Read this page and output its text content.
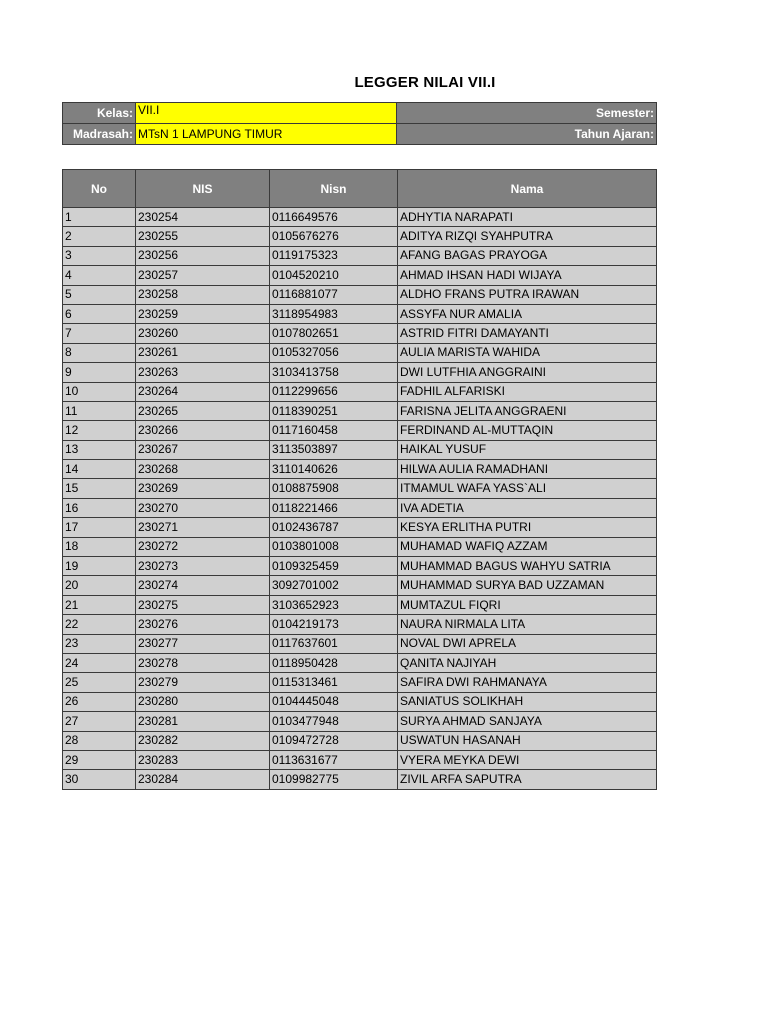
LEGGER NILAI VII.I
Kelas:	VII.I	Semester:
Madrasah:	MTsN 1 LAMPUNG TIMUR	Tahun Ajaran:
No	NIS	Nisn	Nama
1	230254	0116649576	ADHYTIA NARAPATI
2	230255	0105676276	ADITYA RIZQI SYAHPUTRA
3	230256	0119175323	AFANG BAGAS PRAYOGA
4	230257	0104520210	AHMAD IHSAN HADI WIJAYA
5	230258	0116881077	ALDHO FRANS PUTRA IRAWAN
6	230259	3118954983	ASSYFA NUR AMALIA
7	230260	0107802651	ASTRID FITRI DAMAYANTI
8	230261	0105327056	AULIA MARISTA WAHIDA
9	230263	3103413758	DWI LUTFHIA ANGGRAINI
10	230264	0112299656	FADHIL ALFARISKI
11	230265	0118390251	FARISNA JELITA ANGGRAENI
12	230266	0117160458	FERDINAND AL-MUTTAQIN
13	230267	3113503897	HAIKAL YUSUF
14	230268	3110140626	HILWA AULIA RAMADHANI
15	230269	0108875908	ITMAMUL WAFA YASS`ALI
16	230270	0118221466	IVA ADETIA
17	230271	0102436787	KESYA ERLITHA PUTRI
18	230272	0103801008	MUHAMAD WAFIQ AZZAM
19	230273	0109325459	MUHAMMAD BAGUS WAHYU SATRIA
20	230274	3092701002	MUHAMMAD SURYA BAD UZZAMAN
21	230275	3103652923	MUMTAZUL FIQRI
22	230276	0104219173	NAURA NIRMALA LITA
23	230277	0117637601	NOVAL DWI APRELA
24	230278	0118950428	QANITA NAJIYAH
25	230279	0115313461	SAFIRA DWI RAHMANAYA
26	230280	0104445048	SANIATUS SOLIKHAH
27	230281	0103477948	SURYA AHMAD SANJAYA
28	230282	0109472728	USWATUN HASANAH
29	230283	0113631677	VYERA MEYKA DEWI
30	230284	0109982775	ZIVIL ARFA SAPUTRA
